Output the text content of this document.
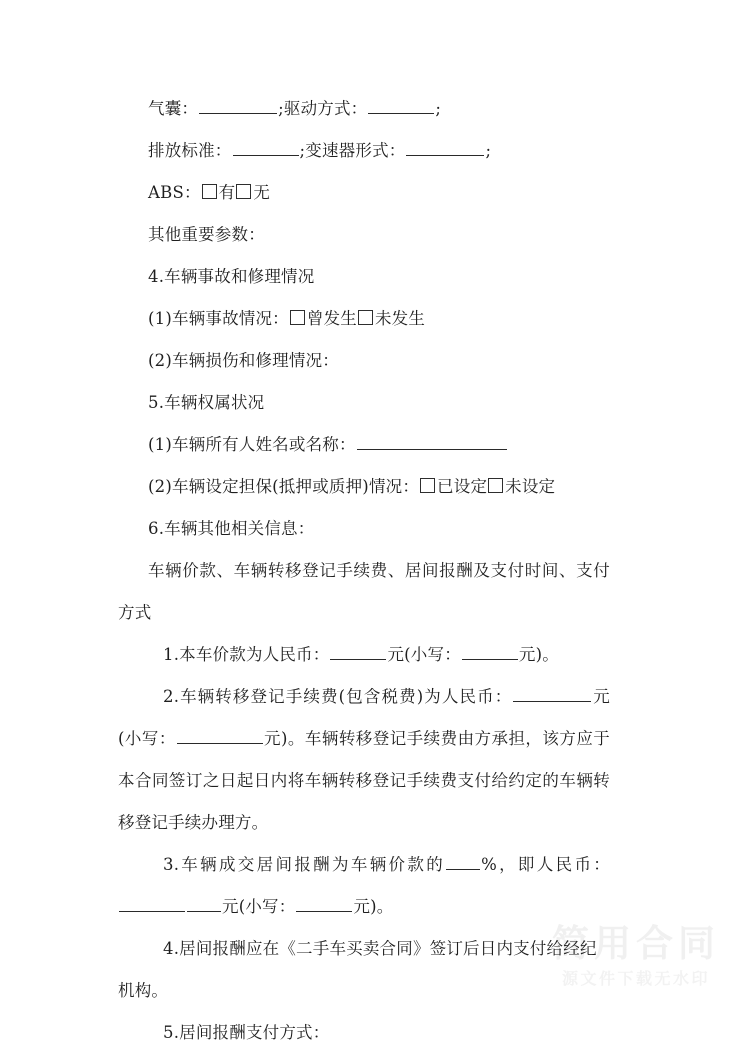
简用合同
源文件下载无水印
气囊：	;驱动方式：	;
排放标准：	;变速器形式：	;
ABS： 有 无
其他重要参数：
4.车辆事故和修理情况
(1)车辆事故情况： 曾发生 未发生
(2)车辆损伤和修理情况：
5.车辆权属状况
(1)车辆所有人姓名或名称：
(2)车辆设定担保(抵押或质押)情况： 已设定 未设定
6.车辆其他相关信息：
车辆价款、车辆转移登记手续费、居间报酬及支付时间、支付方式
1.本车价款为人民币：	元(小写：	元)。
2.车辆转移登记手续费(包含税费)为人民币：	元(小写：	元)。车辆转移登记手续费由方承担，该方应于本合同签订之日起日内将车辆转移登记手续费支付给约定的车辆转移登记手续办理方。
3.车辆成交居间报酬为车辆价款的 %，即人民币：元(小写：	元)。
4.居间报酬应在《二手车买卖合同》签订后日内支付给经纪机构。
5.居间报酬支付方式：
